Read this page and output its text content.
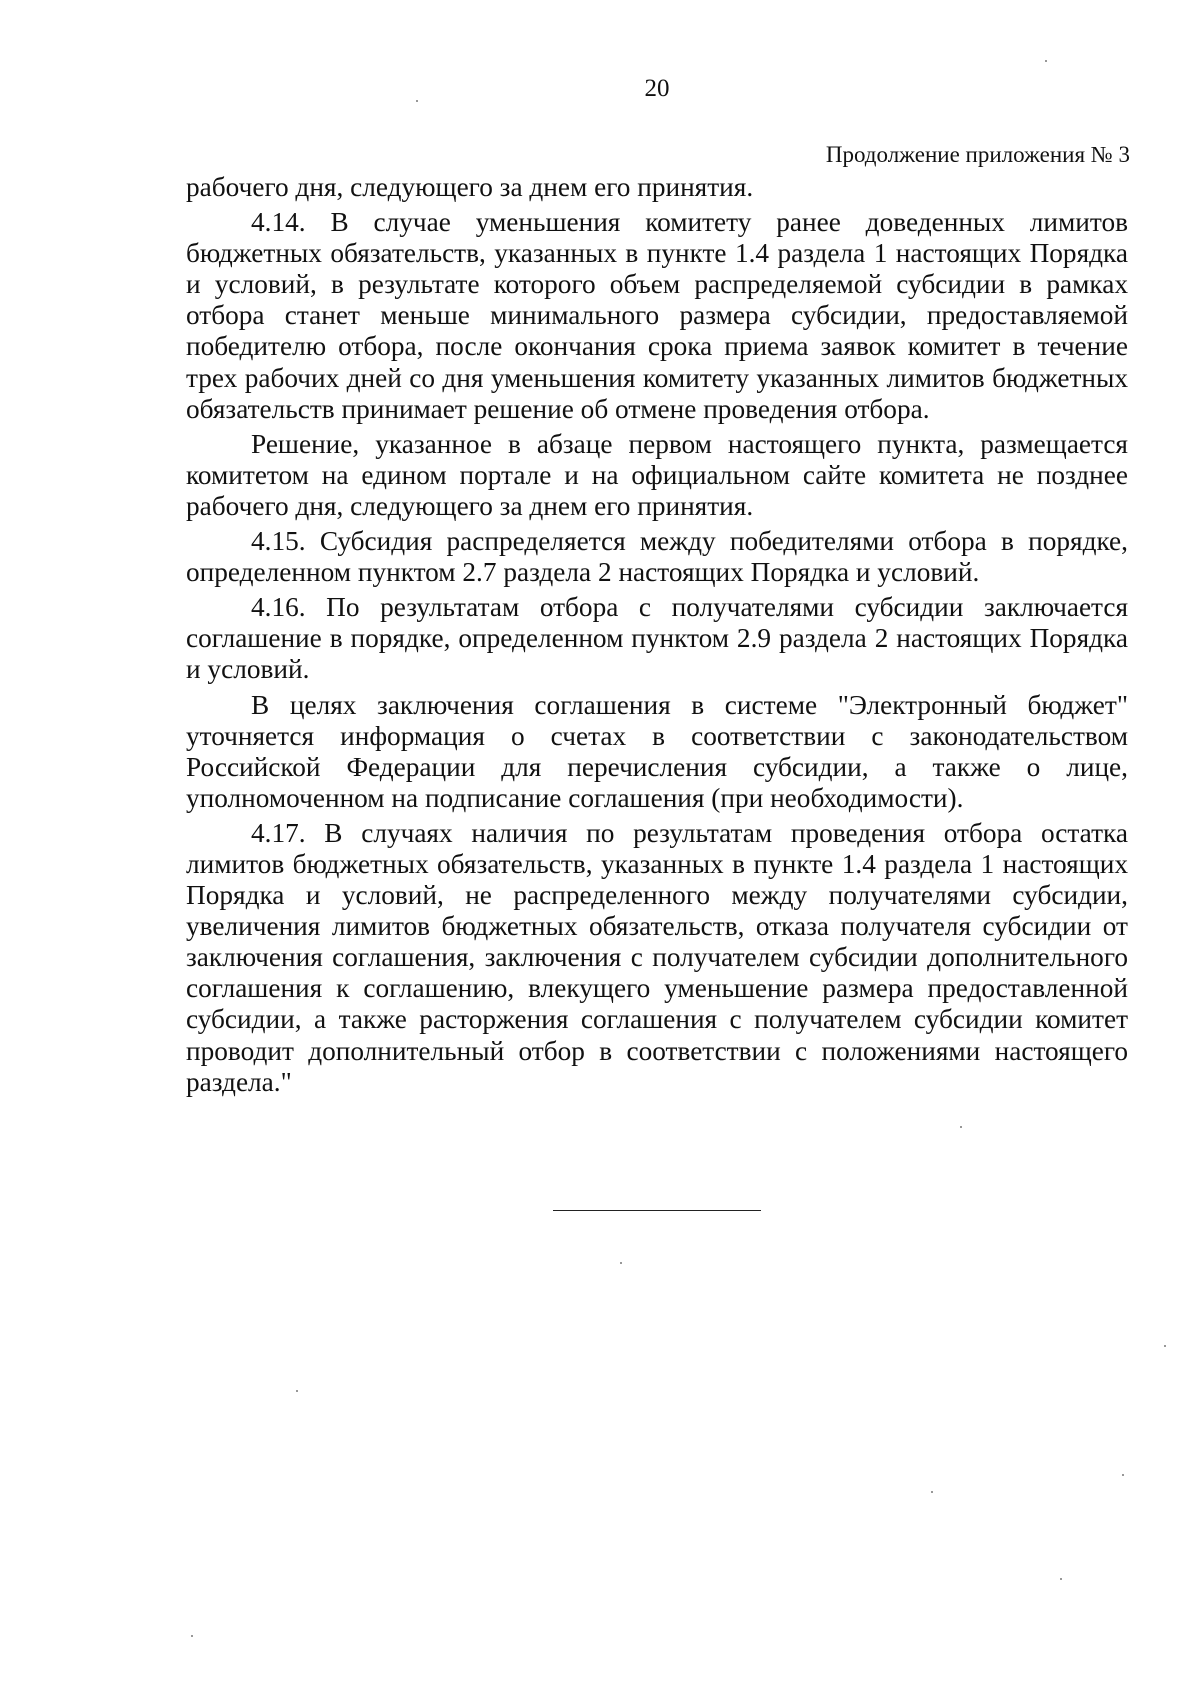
20
Продолжение приложения № 3

рабочего дня, следующего за днем его принятия.

4.14. В случае уменьшения комитету ранее доведенных лимитов бюджетных обязательств, указанных в пункте 1.4 раздела 1 настоящих Порядка и условий, в результате которого объем распределяемой субсидии в рамках отбора станет меньше минимального размера субсидии, предоставляемой победителю отбора, после окончания срока приема заявок комитет в течение трех рабочих дней со дня уменьшения комитету указанных лимитов бюджетных обязательств принимает решение об отмене проведения отбора.

Решение, указанное в абзаце первом настоящего пункта, размещается комитетом на едином портале и на официальном сайте комитета не позднее рабочего дня, следующего за днем его принятия.

4.15. Субсидия распределяется между победителями отбора в порядке, определенном пунктом 2.7 раздела 2 настоящих Порядка и условий.

4.16. По результатам отбора с получателями субсидии заключается соглашение в порядке, определенном пунктом 2.9 раздела 2 настоящих Порядка и условий.

В целях заключения соглашения в системе "Электронный бюджет" уточняется информация о счетах в соответствии с законодательством Российской Федерации для перечисления субсидии, а также о лице, уполномоченном на подписание соглашения (при необходимости).

4.17. В случаях наличия по результатам проведения отбора остатка лимитов бюджетных обязательств, указанных в пункте 1.4 раздела 1 настоящих Порядка и условий, не распределенного между получателями субсидии, увеличения лимитов бюджетных обязательств, отказа получателя субсидии от заключения соглашения, заключения с получателем субсидии дополнительного соглашения к соглашению, влекущего уменьшение размера предоставленной субсидии, а также расторжения соглашения с получателем субсидии комитет проводит дополнительный отбор в соответствии с положениями настоящего раздела."
